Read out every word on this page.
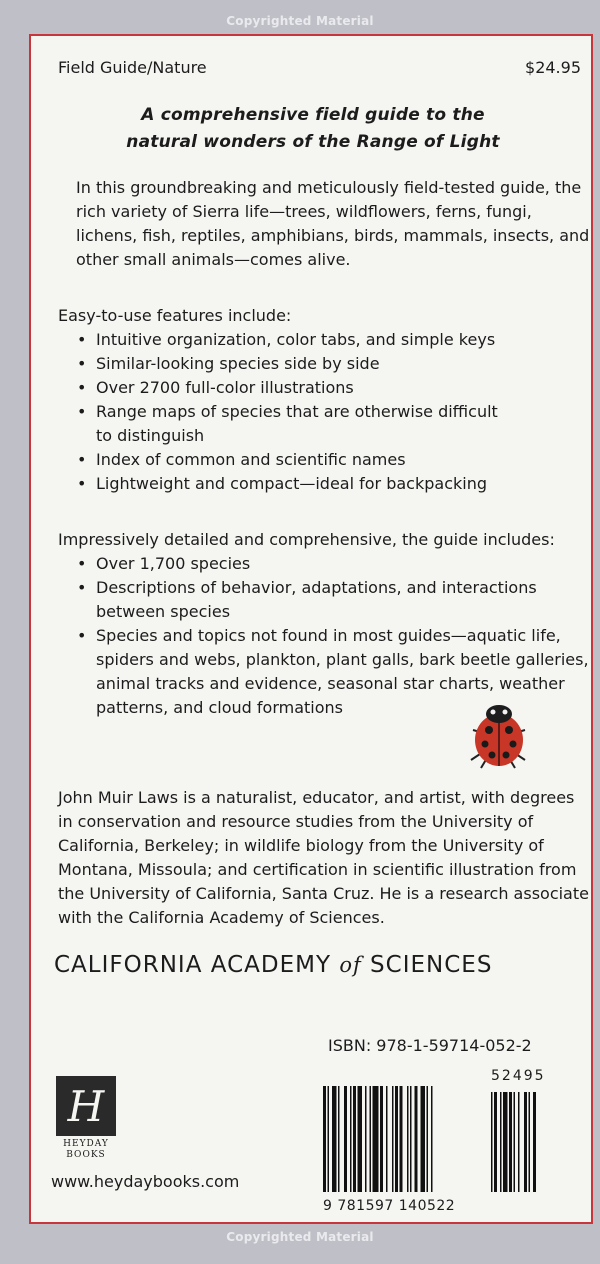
Copyrighted Material
Field Guide/Nature	$24.95
A comprehensive field guide to the
natural wonders of the Range of Light
In this groundbreaking and meticulously field-tested guide, the
rich variety of Sierra life—trees, wildflowers, ferns, fungi,
lichens, fish, reptiles, amphibians, birds, mammals, insects, and
other small animals—comes alive.
Easy-to-use features include:
• Intuitive organization, color tabs, and simple keys
• Similar-looking species side by side
• Over 2700 full-color illustrations
• Range maps of species that are otherwise difficult
to distinguish
• Index of common and scientific names
• Lightweight and compact—ideal for backpacking
Impressively detailed and comprehensive, the guide includes:
• Over 1,700 species
• Descriptions of behavior, adaptations, and interactions
between species
• Species and topics not found in most guides—aquatic life,
spiders and webs, plankton, plant galls, bark beetle galleries,
animal tracks and evidence, seasonal star charts, weather
patterns, and cloud formations
John Muir Laws is a naturalist, educator, and artist, with degrees
in conservation and resource studies from the University of
California, Berkeley; in wildlife biology from the University of
Montana, Missoula; and certification in scientific illustration from
the University of California, Santa Cruz. He is a research associate
with the California Academy of Sciences.
CALIFORNIA ACADEMY of SCIENCES
ISBN: 978-1-59714-052-2
52495
9 781597 140522
H
HEYDAY
BOOKS
www.heydaybooks.com
Copyrighted Material
